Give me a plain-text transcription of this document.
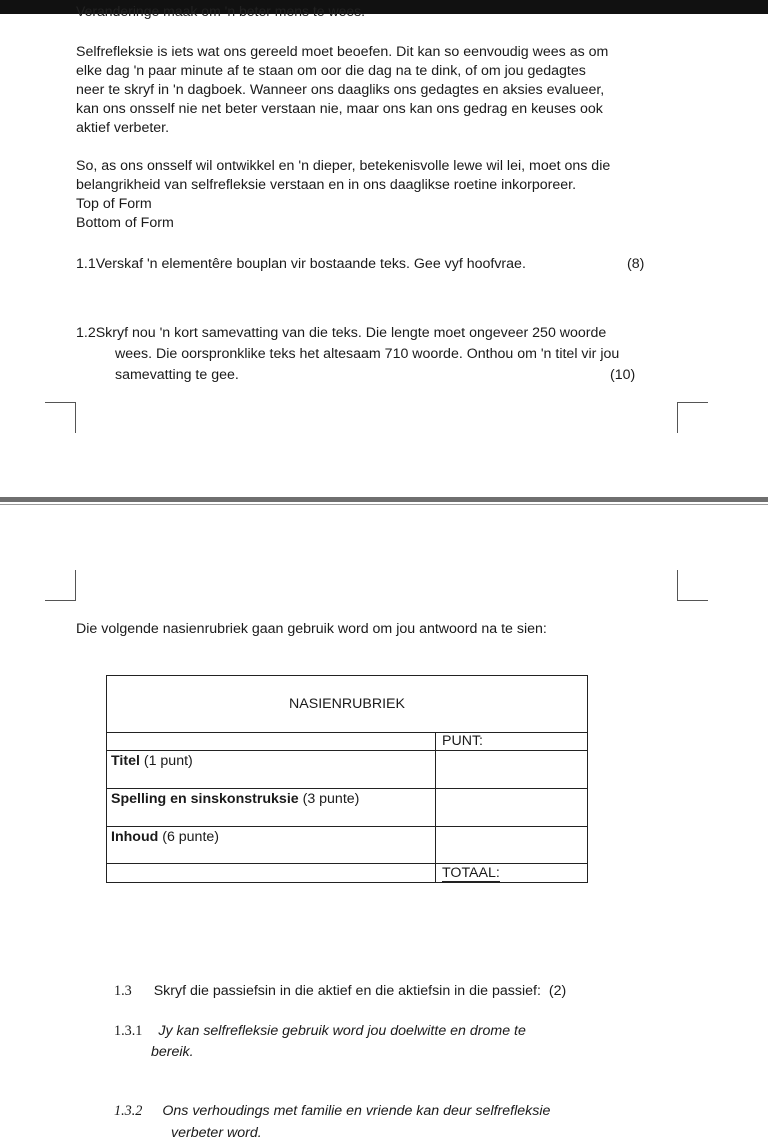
Veranderinge maak om 'n beter mens te wees.
Selfrefleksie is iets wat ons gereeld moet beoefen. Dit kan so eenvoudig wees as om
elke dag 'n paar minute af te staan om oor die dag na te dink, of om jou gedagtes
neer te skryf in 'n dagboek. Wanneer ons daagliks ons gedagtes en aksies evalueer,
kan ons onsself nie net beter verstaan nie, maar ons kan ons gedrag en keuses ook
aktief verbeter.
So, as ons onsself wil ontwikkel en 'n dieper, betekenisvolle lewe wil lei, moet ons die
belangrikheid van selfrefleksie verstaan en in ons daaglikse roetine inkorporeer.
Top of Form
Bottom of Form
1.1Verskaf 'n elementêre bouplan vir bostaande teks. Gee vyf hoofvrae.	(8)
1.2Skryf nou 'n kort samevatting van die teks. Die lengte moet ongeveer 250 woorde
wees. Die oorspronklike teks het altesaam 710 woorde. Onthou om 'n titel vir jou
samevatting te gee.	(10)
Die volgende nasienrubriek gaan gebruik word om jou antwoord na te sien:
NASIENRUBRIEK	
	PUNT:
Titel (1 punt)	
Spelling en sinskonstruksie (3 punte)	
Inhoud (6 punte)	
	TOTAAL:
1.3 Skryf die passiefsin in die aktief en die aktiefsin in die passief: (2)
1.3.1 Jy kan selfrefleksie gebruik word jou doelwitte en drome te
bereik.
1.3.2 Ons verhoudings met familie en vriende kan deur selfrefleksie
verbeter word.
